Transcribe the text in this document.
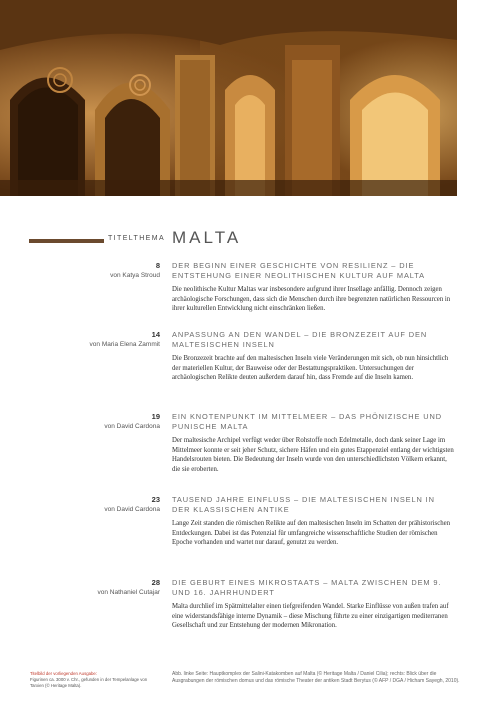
TITELTHEMA MALTA
8
von Katya Stroud
DER BEGINN EINER GESCHICHTE VON RESILIENZ – DIE ENTSTEHUNG EINER NEOLITHISCHEN KULTUR AUF MALTA
Die neolithische Kultur Maltas war insbesondere aufgrund ihrer Insellage anfällig. Dennoch zeigen archäologische Forschungen, dass sich die Menschen durch ihre begrenzten natürlichen Ressourcen in ihrer kulturellen Entwicklung nicht einschränken ließen.
14
von Maria Elena Zammit
ANPASSUNG AN DEN WANDEL – DIE BRONZEZEIT AUF DEN MALTESISCHEN INSELN
Die Bronzezeit brachte auf den maltesischen Inseln viele Veränderungen mit sich, ob nun hinsichtlich der materiellen Kultur, der Bauweise oder der Bestattungspraktiken. Untersuchungen der archäologischen Relikte deuten außerdem darauf hin, dass Fremde auf die Inseln kamen.
19
von David Cardona
EIN KNOTENPUNKT IM MITTELMEER – DAS PHÖNIZISCHE UND PUNISCHE MALTA
Der maltesische Archipel verfügt weder über Rohstoffe noch Edelmetalle, doch dank seiner Lage im Mittelmeer konnte er seit jeher Schutz, sichere Häfen und ein gutes Etappenziel entlang der wichtigsten Handelsrouten bieten. Die Bedeutung der Inseln wurde von den unterschiedlichsten Völkern erkannt, die sie eroberten.
23
von David Cardona
TAUSEND JAHRE EINFLUSS – DIE MALTESISCHEN INSELN IN DER KLASSISCHEN ANTIKE
Lange Zeit standen die römischen Relikte auf den maltesischen Inseln im Schatten der prähistorischen Entdeckungen. Dabei ist das Potenzial für umfangreiche wissenschaftliche Studien der römischen Epoche vorhanden und wartet nur darauf, genutzt zu werden.
28
von Nathaniel Cutajar
DIE GEBURT EINES MIKROSTAATS – MALTA ZWISCHEN DEM 9. UND 16. JAHRHUNDERT
Malta durchlief im Spätmittelalter einen tiefgreifenden Wandel. Starke Einflüsse von außen trafen auf eine widerstandsfähige interne Dynamik – diese Mischung führte zu einer einzigartigen mediterranen Gesellschaft und zur Entstehung der modernen Mikronation.
Titelbild der vorliegenden Ausgabe:
Figurinen ca. 3000 v. Chr., gefunden in der Tempelanlage von Tarxien (© Heritage Malta).
Abb. linke Seite: Hauptkomplex der Salini-Katakomben auf Malta (© Heritage Malta / Daniel Cilia); rechts: Blick über die Ausgrabungen der römischen domus und das römische Theater der antiken Stadt Berytus (© AFP / DGA / Hicham Sayegh, 2010).
